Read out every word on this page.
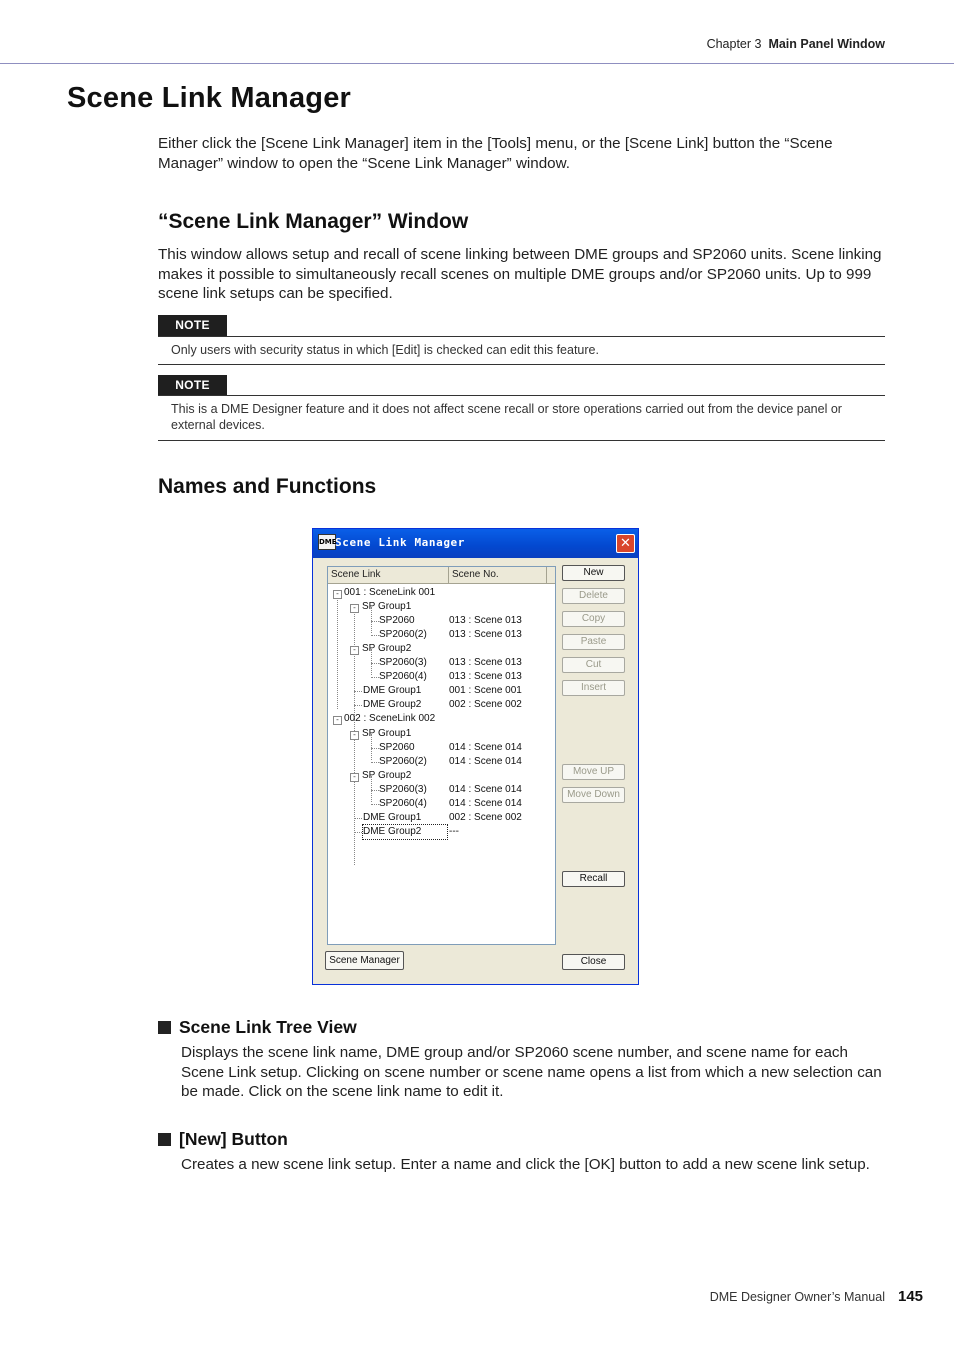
Chapter 3 Main Panel Window
Scene Link Manager
Either click the [Scene Link Manager] item in the [Tools] menu, or the [Scene Link] button the “Scene Manager” window to open the “Scene Link Manager” window.
“Scene Link Manager” Window
This window allows setup and recall of scene linking between DME groups and SP2060 units. Scene linking makes it possible to simultaneously recall scenes on multiple DME groups and/or SP2060 units. Up to 999 scene link setups can be specified.
NOTE
Only users with security status in which [Edit] is checked can edit this feature.
NOTE
This is a DME Designer feature and it does not affect scene recall or store operations carried out from the device panel or external devices.
Names and Functions
DME
Scene Link Manager	✕
Scene Link	Scene No.
001 : SceneLink 001
-
SP Group1
-
SP2060	013 : Scene 013
SP2060(2) 013 : Scene 013
SP Group2
-
SP2060(3) 013 : Scene 013
SP2060(4) 013 : Scene 013
DME Group1	001 : Scene 001
DME Group2	002 : Scene 002
002 : SceneLink 002
-
SP Group1
-
SP2060	014 : Scene 014
SP2060(2) 014 : Scene 014
SP Group2
-
SP2060(3) 014 : Scene 014
SP2060(4) 014 : Scene 014
DME Group1	002 : Scene 002
DME Group2	---
New
Delete
Copy
Paste
Cut
Insert
Move UP
Move Down
Recall
Scene Manager	Close
Scene Link Tree View
Displays the scene link name, DME group and/or SP2060 scene number, and scene name for each Scene Link setup. Clicking on scene number or scene name opens a list from which a new selection can be made. Click on the scene link name to edit it.
[New] Button
Creates a new scene link setup. Enter a name and click the [OK] button to add a new scene link setup.
DME Designer Owner’s Manual 145
